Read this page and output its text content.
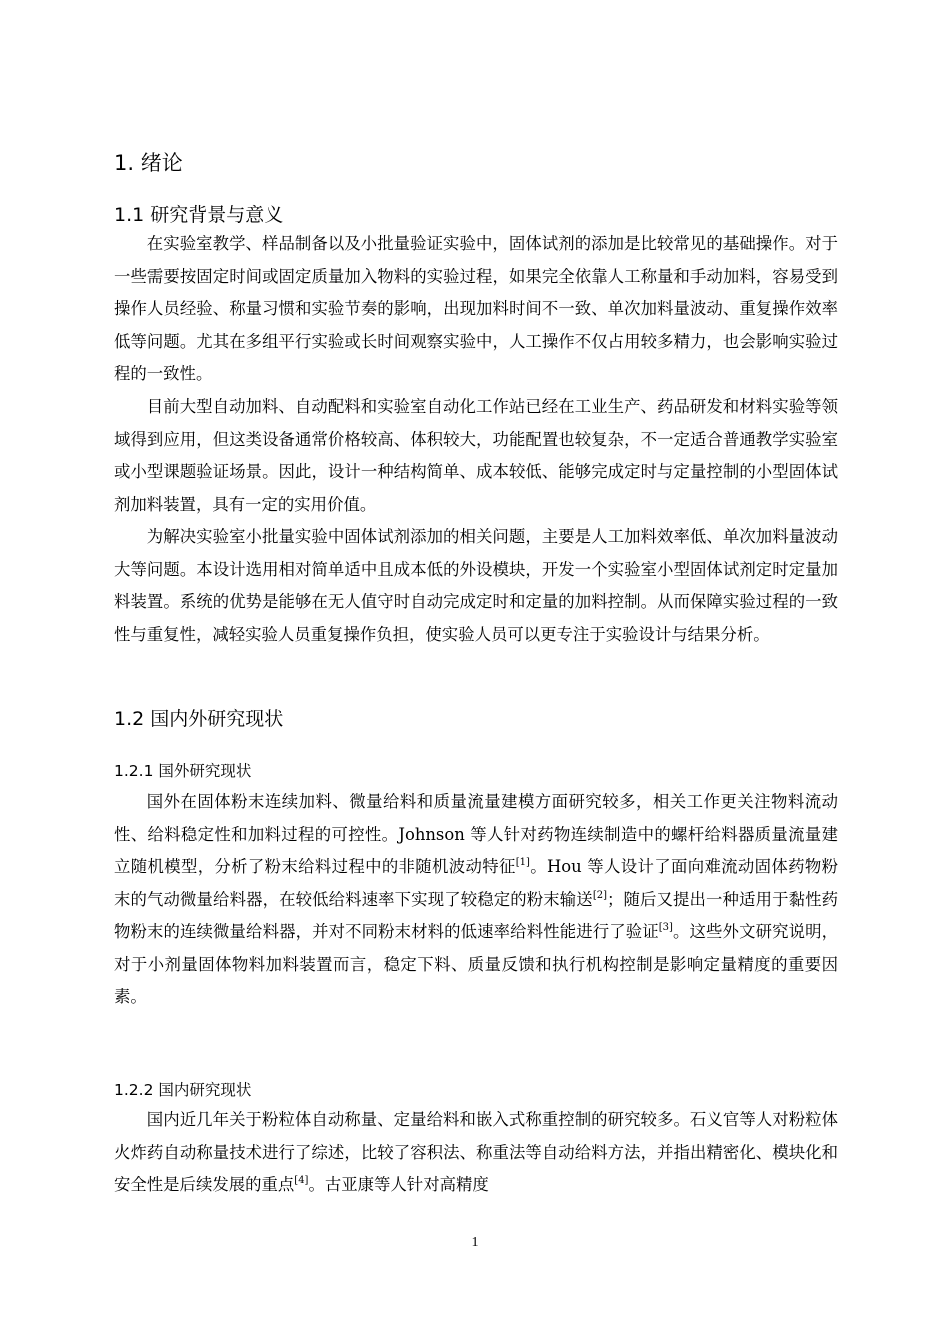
1. 绪论
1.1 研究背景与意义

在实验室教学、样品制备以及小批量验证实验中，固体试剂的添加是比较常见的基础操作。对于一些需要按固定时间或固定质量加入物料的实验过程，如果完全依靠人工称量和手动加料，容易受到操作人员经验、称量习惯和实验节奏的影响，出现加料时间不一致、单次加料量波动、重复操作效率低等问题。尤其在多组平行实验或长时间观察实验中，人工操作不仅占用较多精力，也会影响实验过程的一致性。

目前大型自动加料、自动配料和实验室自动化工作站已经在工业生产、药品研发和材料实验等领域得到应用，但这类设备通常价格较高、体积较大，功能配置也较复杂，不一定适合普通教学实验室或小型课题验证场景。因此，设计一种结构简单、成本较低、能够完成定时与定量控制的小型固体试剂加料装置，具有一定的实用价值。

为解决实验室小批量实验中固体试剂添加的相关问题，主要是人工加料效率低、单次加料量波动大等问题。本设计选用相对简单适中且成本低的外设模块，开发一个实验室小型固体试剂定时定量加料装置。系统的优势是能够在无人值守时自动完成定时和定量的加料控制。从而保障实验过程的一致性与重复性，减轻实验人员重复操作负担，使实验人员可以更专注于实验设计与结果分析。

1.2 国内外研究现状
1.2.1 国外研究现状

国外在固体粉末连续加料、微量给料和质量流量建模方面研究较多，相关工作更关注物料流动性、给料稳定性和加料过程的可控性。Johnson 等人针对药物连续制造中的螺杆给料器质量流量建立随机模型，分析了粉末给料过程中的非随机波动特征[1]。Hou 等人设计了面向难流动固体药物粉末的气动微量给料器，在较低给料速率下实现了较稳定的粉末输送[2]；随后又提出一种适用于黏性药物粉末的连续微量给料器，并对不同粉末材料的低速率给料性能进行了验证[3]。这些外文研究说明，对于小剂量固体物料加料装置而言，稳定下料、质量反馈和执行机构控制是影响定量精度的重要因素。

1.2.2 国内研究现状

国内近几年关于粉粒体自动称量、定量给料和嵌入式称重控制的研究较多。石义官等人对粉粒体火炸药自动称量技术进行了综述，比较了容积法、称重法等自动给料方法，并指出精密化、模块化和安全性是后续发展的重点[4]。古亚康等人针对高精度

1
